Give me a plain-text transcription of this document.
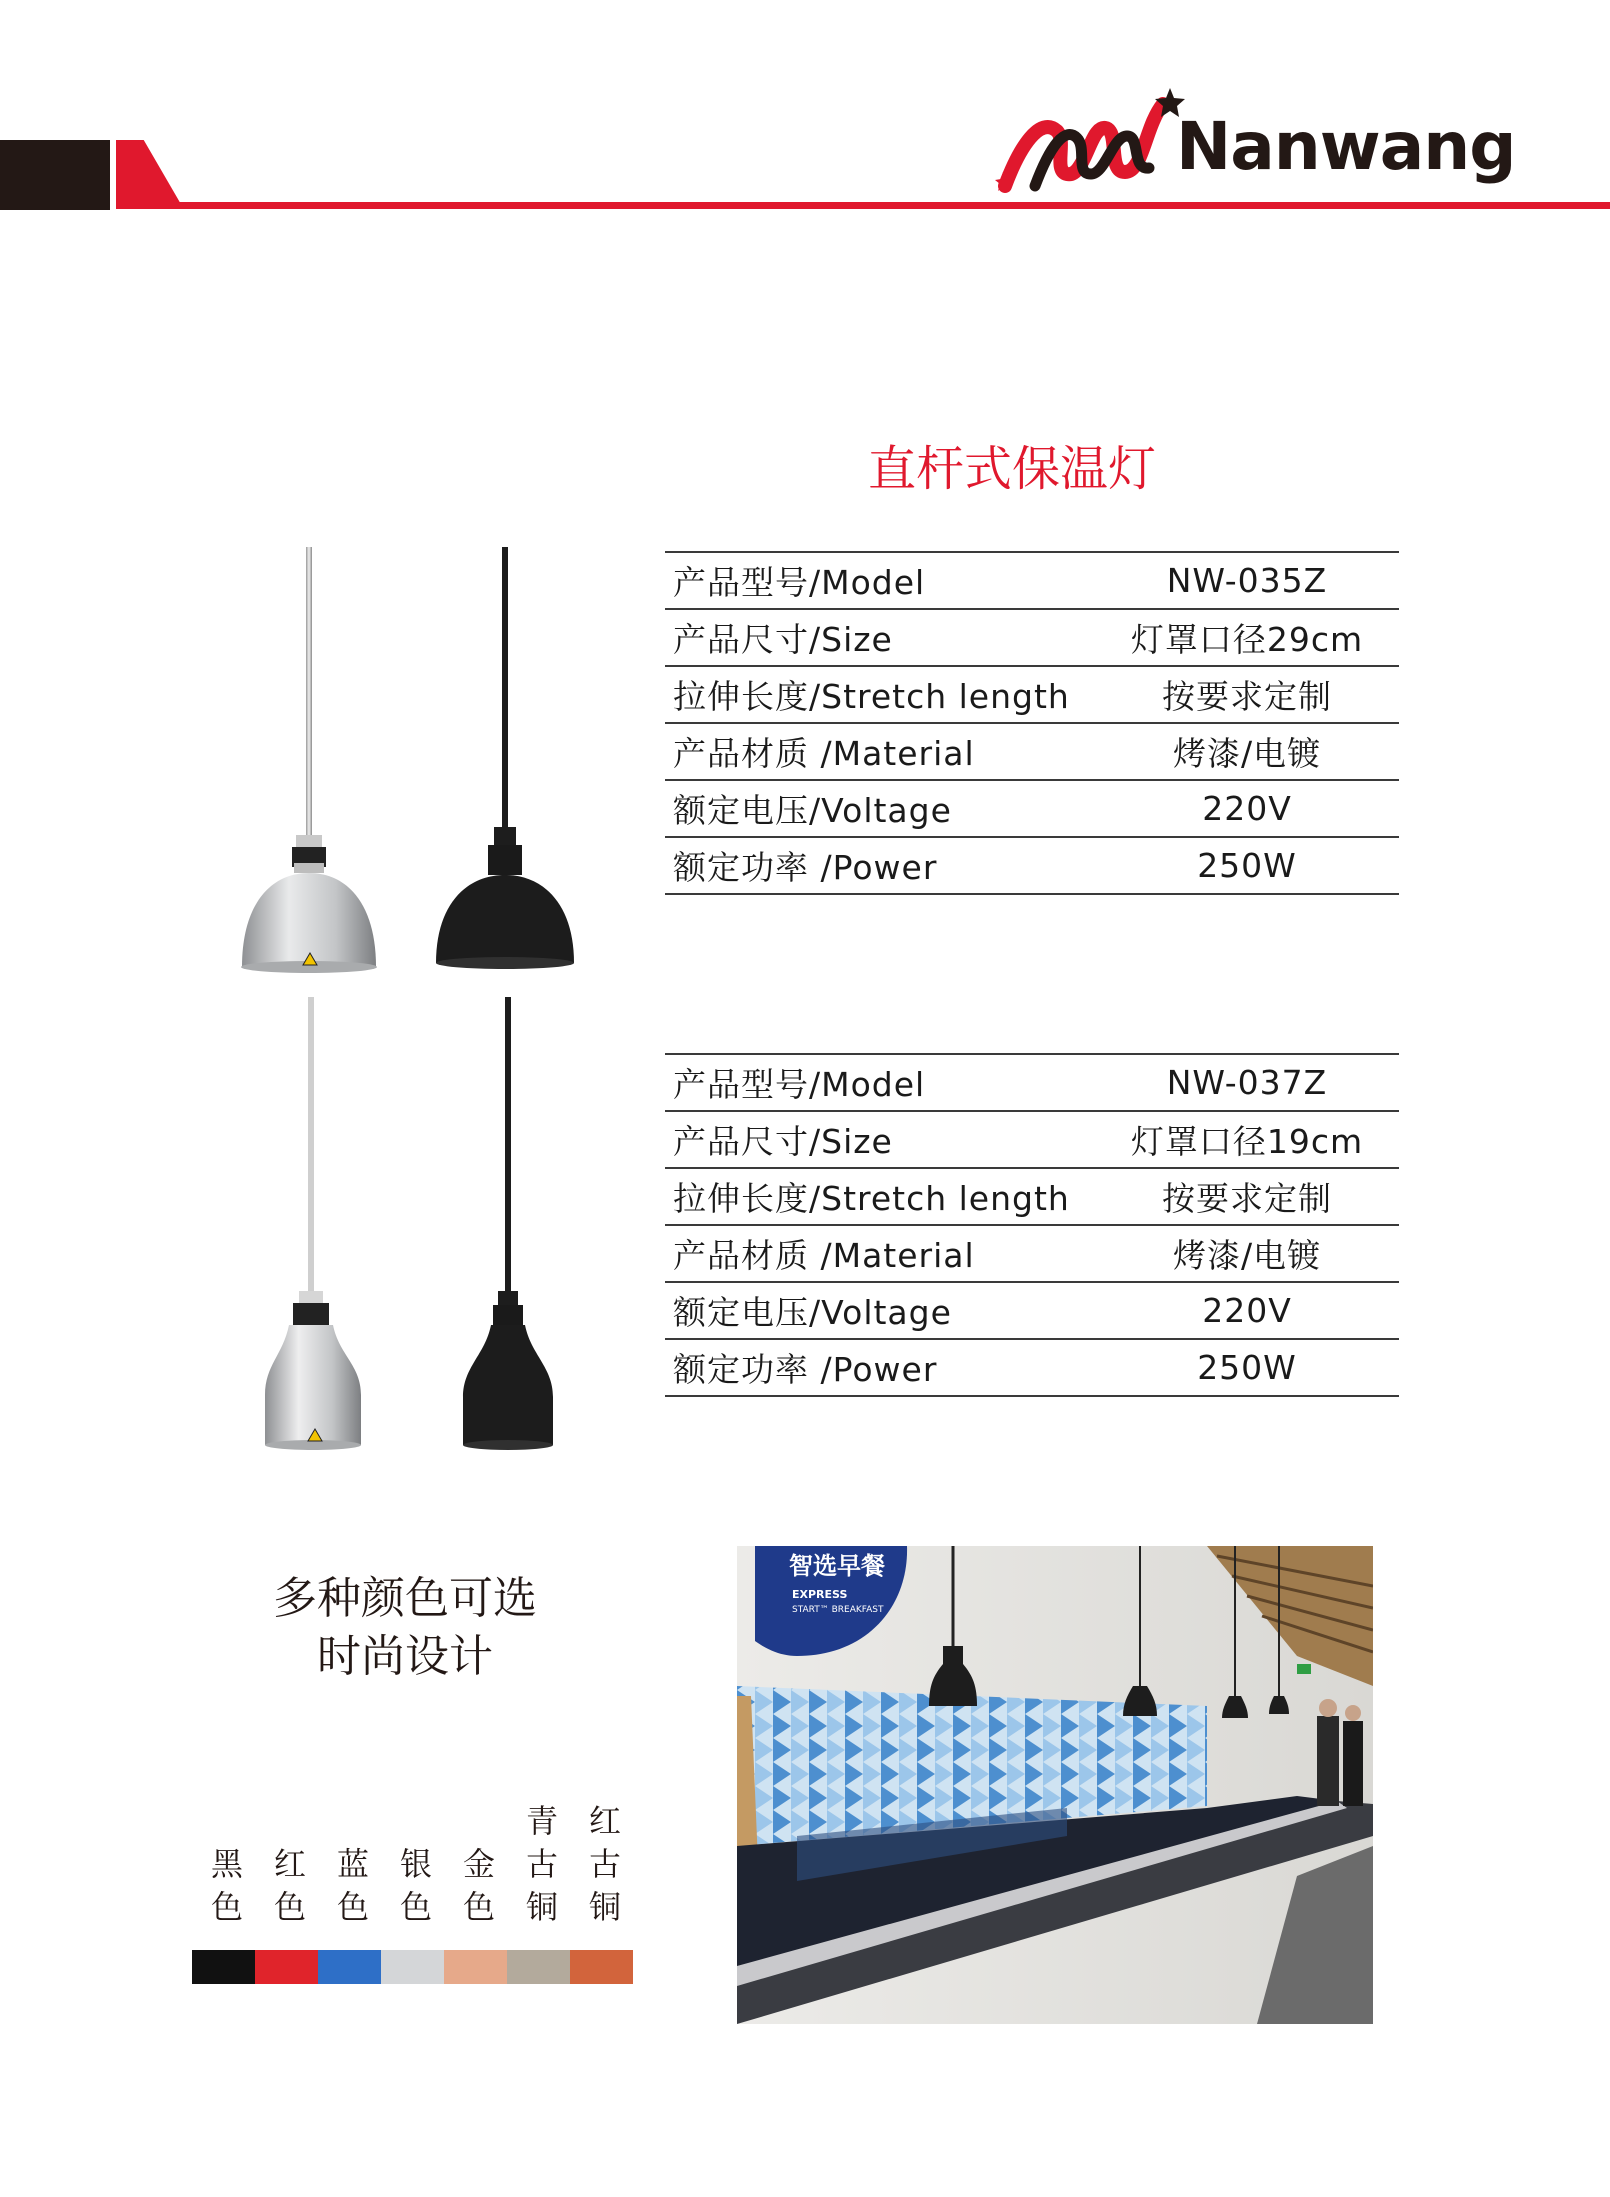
Nanwang
直杆式保温灯
产品型号/Model	NW-035Z
产品尺寸/Size	灯罩口径29cm
拉伸长度/Stretch length	按要求定制
产品材质 /Material	烤漆/电镀
额定电压/Voltage	220V
额定功率 /Power	250W
产品型号/Model	NW-037Z
产品尺寸/Size	灯罩口径19cm
拉伸长度/Stretch length	按要求定制
产品材质 /Material	烤漆/电镀
额定电压/Voltage	220V
额定功率 /Power	250W
多种颜色可选
时尚设计

黑
色

红
色

蓝
色

银
色

金
色
青
古
铜
红
古
铜
智选早餐
EXPRESS
START™ BREAKFAST
